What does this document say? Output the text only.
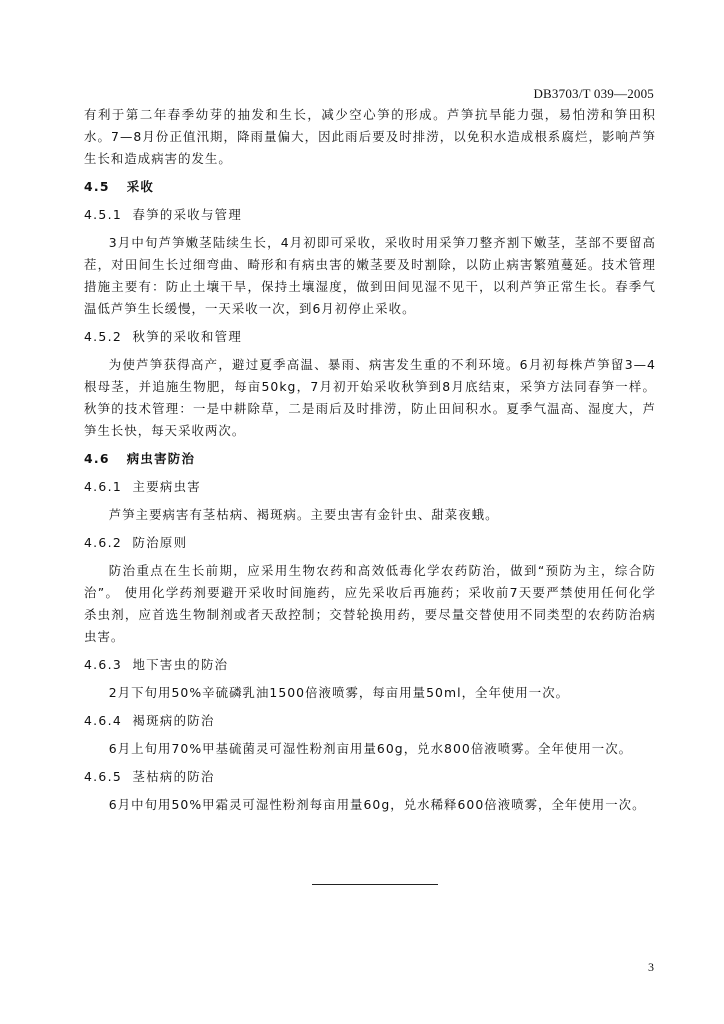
DB3703/T 039—2005

有利于第二年春季幼芽的抽发和生长，减少空心笋的形成。芦笋抗旱能力强，易怕涝和笋田积水。7—8月份正值汛期，降雨量偏大，因此雨后要及时排涝，以免积水造成根系腐烂，影响芦笋生长和造成病害的发生。

4.5   采收
4.5.1  春笋的采收与管理

3月中旬芦笋嫩茎陆续生长，4月初即可采收，采收时用采笋刀整齐割下嫩茎，茎部不要留高茬，对田间生长过细弯曲、畸形和有病虫害的嫩茎要及时割除，以防止病害繁殖蔓延。技术管理措施主要有：防止土壤干旱，保持土壤湿度，做到田间见湿不见干，以利芦笋正常生长。春季气温低芦笋生长缓慢，一天采收一次，到6月初停止采收。

4.5.2  秋笋的采收和管理

为使芦笋获得高产，避过夏季高温、暴雨、病害发生重的不利环境。6月初每株芦笋留3—4根母茎，并追施生物肥，每亩50kg，7月初开始采收秋笋到8月底结束，采笋方法同春笋一样。秋笋的技术管理：一是中耕除草，二是雨后及时排涝，防止田间积水。夏季气温高、湿度大，芦笋生长快，每天采收两次。

4.6   病虫害防治
4.6.1  主要病虫害

芦笋主要病害有茎枯病、褐斑病。主要虫害有金针虫、甜菜夜蛾。

4.6.2  防治原则

防治重点在生长前期，应采用生物农药和高效低毒化学农药防治，做到“预防为主，综合防治”。 使用化学药剂要避开采收时间施药，应先采收后再施药；采收前7天要严禁使用任何化学杀虫剂，应首选生物制剂或者天敌控制；交替轮换用药，要尽量交替使用不同类型的农药防治病虫害。

4.6.3  地下害虫的防治

2月下旬用50%辛硫磷乳油1500倍液喷雾，每亩用量50ml，全年使用一次。

4.6.4  褐斑病的防治

6月上旬用70%甲基硫菌灵可湿性粉剂亩用量60g，兑水800倍液喷雾。全年使用一次。

4.6.5  茎枯病的防治

6月中旬用50%甲霜灵可湿性粉剂每亩用量60g，兑水稀释600倍液喷雾，全年使用一次。

3
